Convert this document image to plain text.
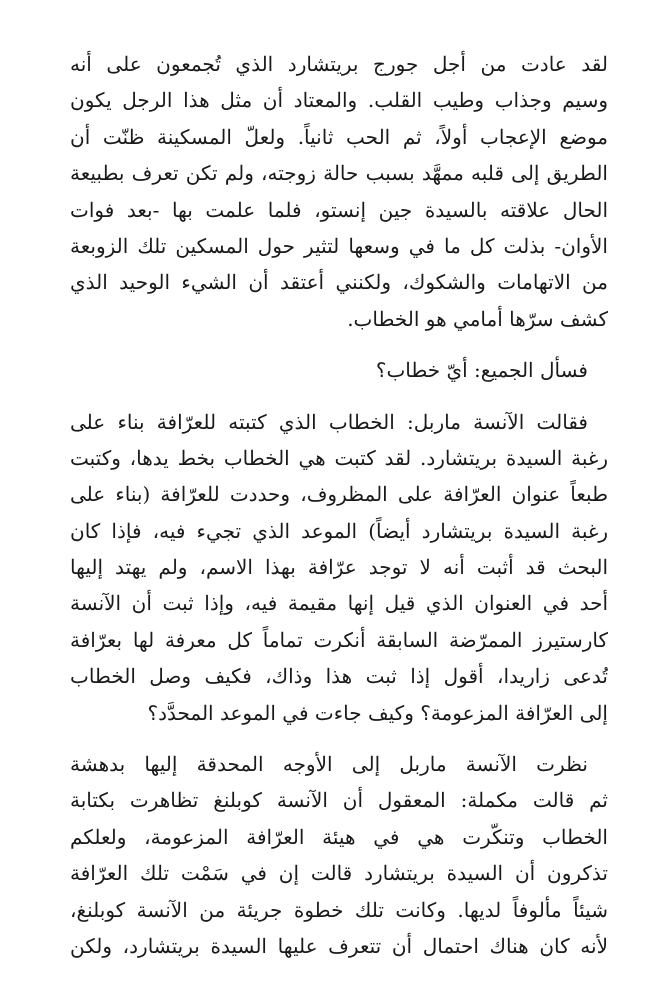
لقد عادت من أجل جورج بريتشارد الذي تُجمعون على أنه
وسيم وجذاب وطيب القلب. والمعتاد أن مثل هذا الرجل يكون
موضع الإعجاب أولاً، ثم الحب ثانياً. ولعلّ المسكينة ظنّت أن
الطريق إلى قلبه ممهَّد بسبب حالة زوجته، ولم تكن تعرف بطبيعة
الحال علاقته بالسيدة جين إنستو، فلما علمت بها -بعد فوات
الأوان- بذلت كل ما في وسعها لتثير حول المسكين تلك الزوبعة
من الاتهامات والشكوك، ولكنني أعتقد أن الشيء الوحيد الذي
كشف سرّها أمامي هو الخطاب.

فسأل الجميع: أيّ خطاب؟

فقالت الآنسة ماربل: الخطاب الذي كتبته للعرّافة بناء على
رغبة السيدة بريتشارد. لقد كتبت هي الخطاب بخط يدها، وكتبت
طبعاً عنوان العرّافة على المظروف، وحددت للعرّافة (بناء على
رغبة السيدة بريتشارد أيضاً) الموعد الذي تجيء فيه، فإذا كان
البحث قد أثبت أنه لا توجد عرّافة بهذا الاسم، ولم يهتد إليها
أحد في العنوان الذي قيل إنها مقيمة فيه، وإذا ثبت أن الآنسة
كارستيرز الممرّضة السابقة أنكرت تماماً كل معرفة لها بعرّافة
تُدعى زاريدا، أقول إذا ثبت هذا وذاك، فكيف وصل الخطاب
إلى العرّافة المزعومة؟ وكيف جاءت في الموعد المحدَّد؟

نظرت الآنسة ماربل إلى الأوجه المحدقة إليها بدهشة
ثم قالت مكملة: المعقول أن الآنسة كوبلنغ تظاهرت بكتابة
الخطاب وتنكّرت هي في هيئة العرّافة المزعومة، ولعلكم
تذكرون أن السيدة بريتشارد قالت إن في سَمْت تلك العرّافة
شيئاً مألوفاً لديها. وكانت تلك خطوة جريئة من الآنسة كوبلنغ،
لأنه كان هناك احتمال أن تتعرف عليها السيدة بريتشارد، ولكن
